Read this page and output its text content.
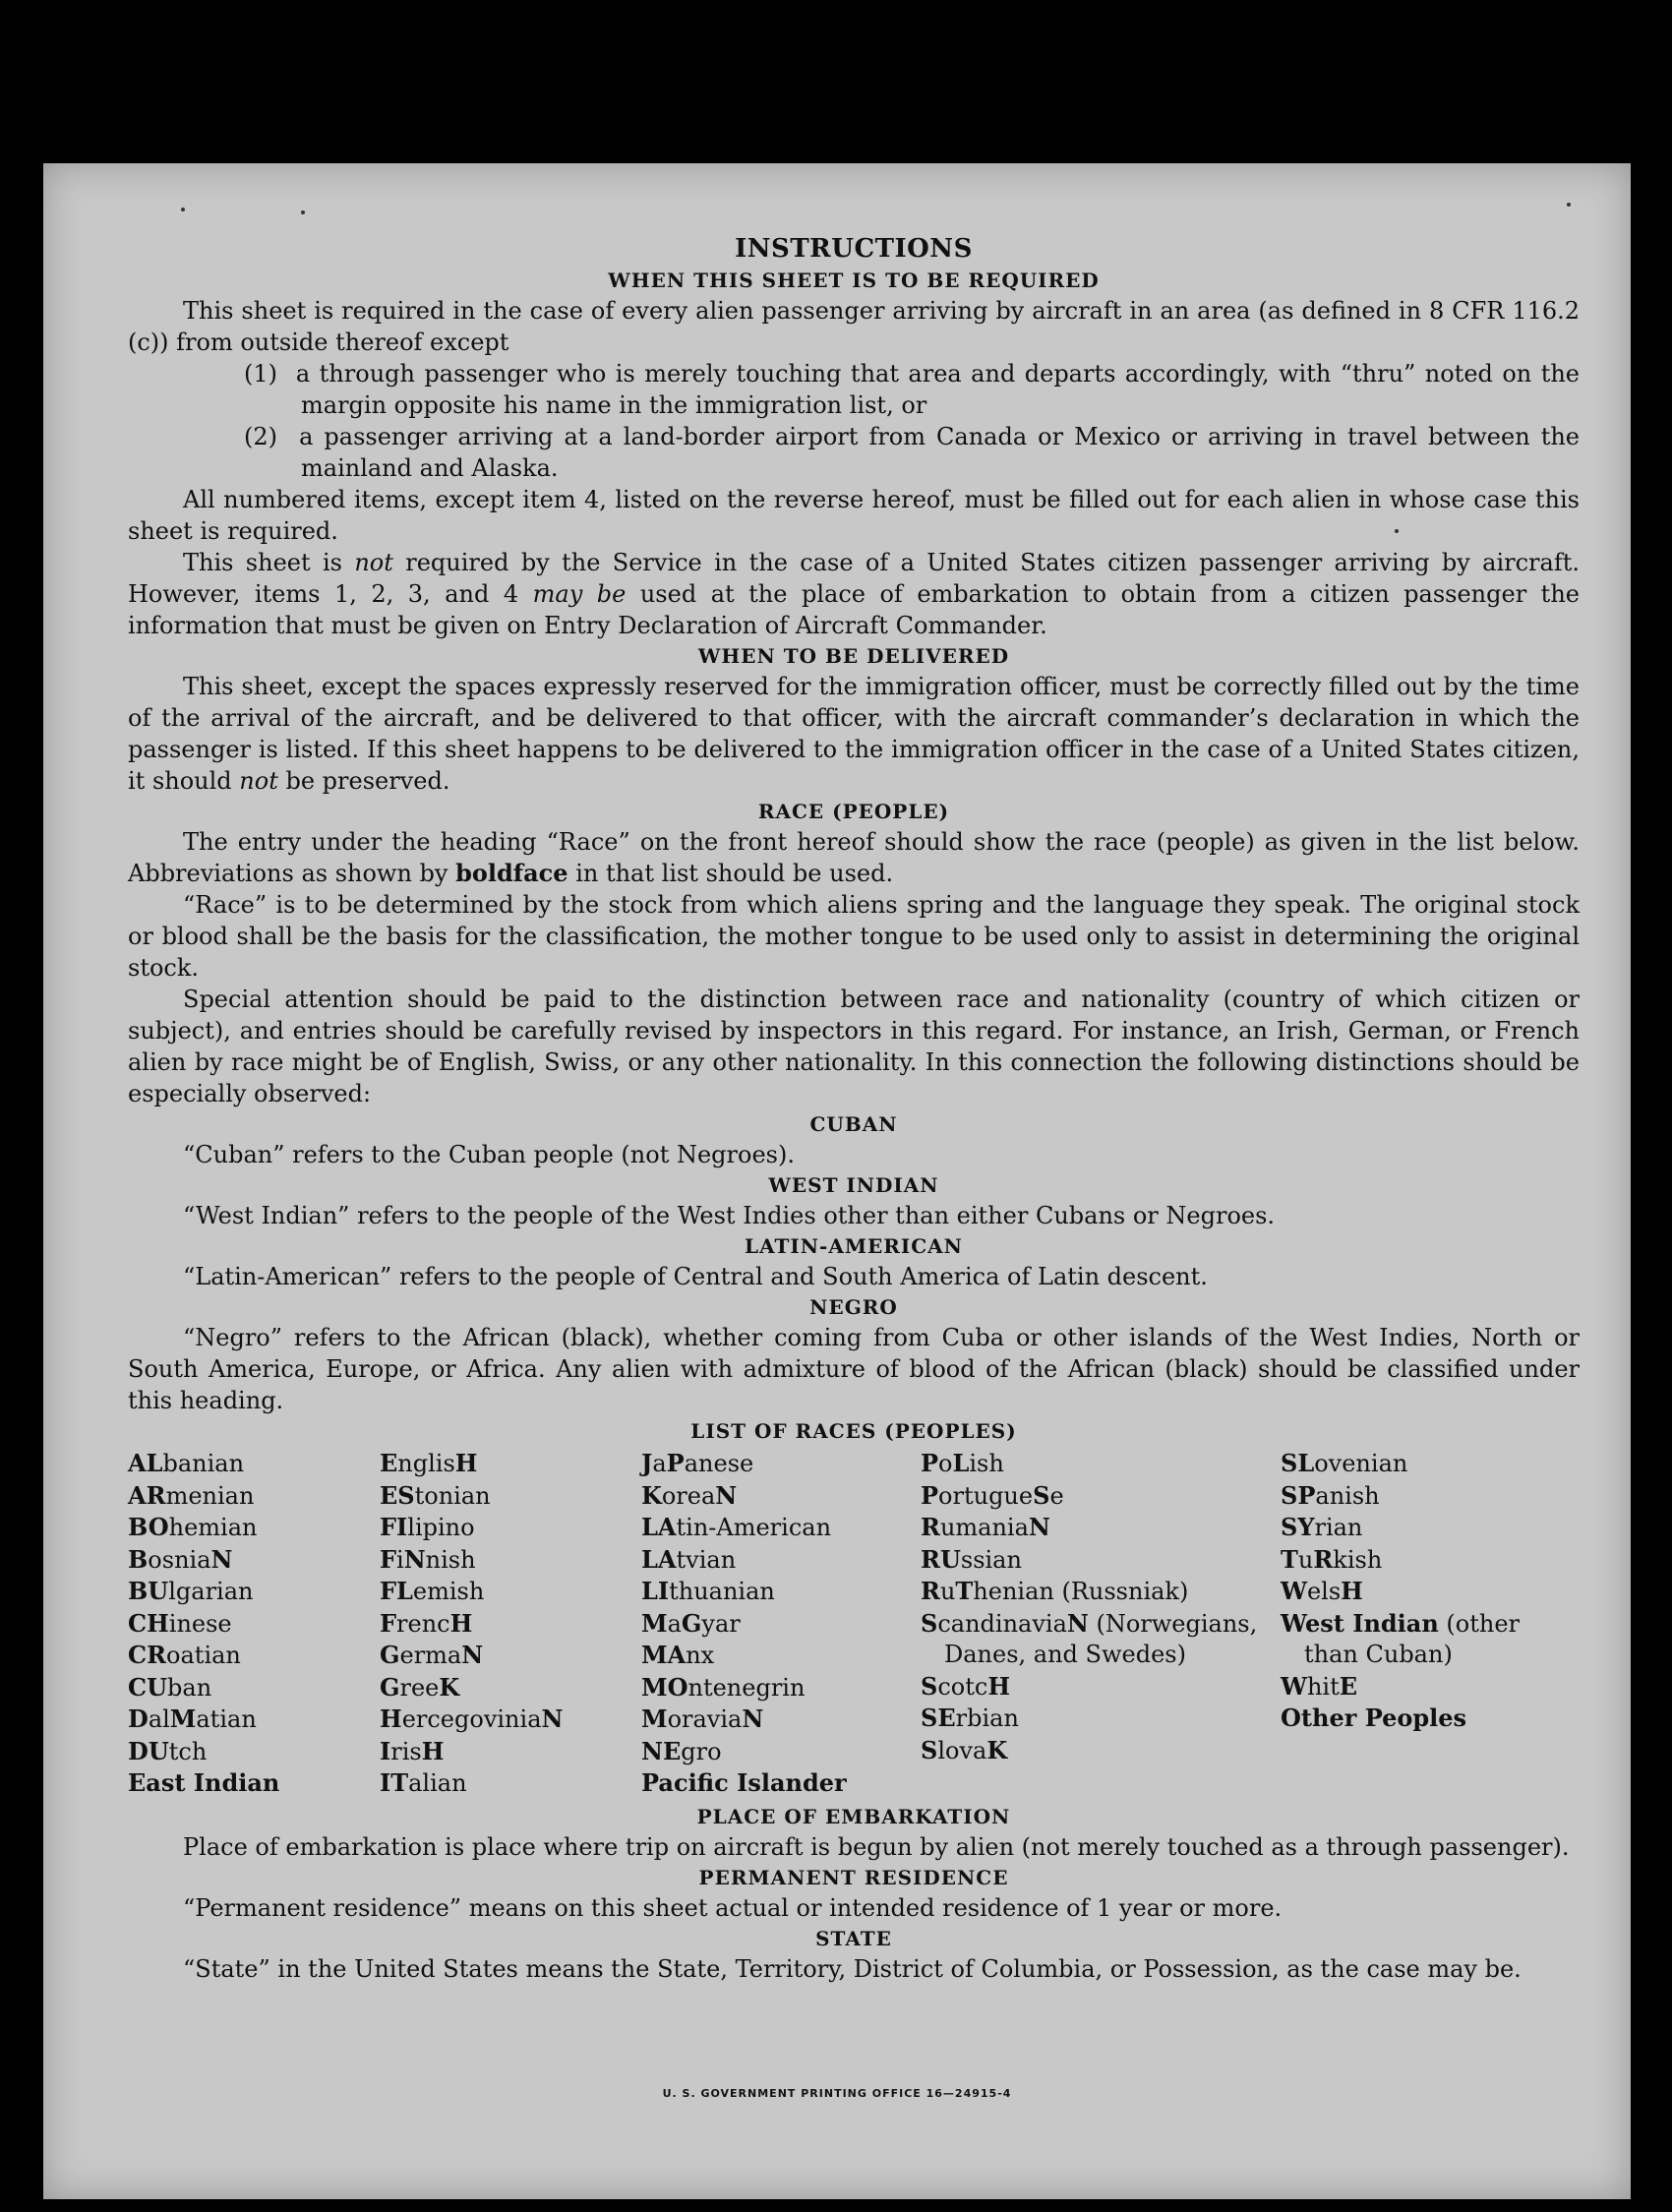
INSTRUCTIONS

WHEN THIS SHEET IS TO BE REQUIRED

This sheet is required in the case of every alien passenger arriving by aircraft in an area (as defined in 8 CFR 116.2 (c)) from outside thereof except

(1) a through passenger who is merely touching that area and departs accordingly, with “thru” noted on the margin opposite his name in the immigration list, or

(2) a passenger arriving at a land-border airport from Canada or Mexico or arriving in travel between the mainland and Alaska.

All numbered items, except item 4, listed on the reverse hereof, must be filled out for each alien in whose case this sheet is required.

This sheet is not required by the Service in the case of a United States citizen passenger arriving by aircraft. However, items 1, 2, 3, and 4 may be used at the place of embarkation to obtain from a citizen passenger the information that must be given on Entry Declaration of Aircraft Commander.

WHEN TO BE DELIVERED

This sheet, except the spaces expressly reserved for the immigration officer, must be correctly filled out by the time of the arrival of the aircraft, and be delivered to that officer, with the aircraft commander’s declaration in which the passenger is listed. If this sheet happens to be delivered to the immigration officer in the case of a United States citizen, it should not be preserved.

RACE (PEOPLE)

The entry under the heading “Race” on the front hereof should show the race (people) as given in the list below. Abbreviations as shown by boldface in that list should be used.

“Race” is to be determined by the stock from which aliens spring and the language they speak. The original stock or blood shall be the basis for the classification, the mother tongue to be used only to assist in determining the original stock.

Special attention should be paid to the distinction between race and nationality (country of which citizen or subject), and entries should be carefully revised by inspectors in this regard. For instance, an Irish, German, or French alien by race might be of English, Swiss, or any other nationality. In this connection the following distinctions should be especially observed:

CUBAN

“Cuban” refers to the Cuban people (not Negroes).

WEST INDIAN

“West Indian” refers to the people of the West Indies other than either Cubans or Negroes.

LATIN-AMERICAN

“Latin-American” refers to the people of Central and South America of Latin descent.

NEGRO

“Negro” refers to the African (black), whether coming from Cuba or other islands of the West Indies, North or South America, Europe, or Africa. Any alien with admixture of blood of the African (black) should be classified under this heading.

LIST OF RACES (PEOPLES)

ALbanian
ARmenian
BOhemian
BosniaN
BUlgarian
CHinese
CRoatian
CUban
DalMatian
DUtch
East Indian
EnglisH
EStonian
FIlipino
FiNnish
FLemish
FrencH
GermaN
GreeK
HercegoviniaN
IrisH
ITalian
JaPanese
KoreaN
LAtin-American
LAtvian
LIthuanian
MaGyar
MAnx
MOntenegrin
MoraviaN
NEgro
Pacific Islander
PoLish
PortugueSe
RumaniaN
RUssian
RuThenian (Russniak)
ScandinaviaN (Norwegians, Danes, and Swedes)
ScotcH
SErbian
SlovaK
SLovenian
SPanish
SYrian
TuRkish
WelsH
West Indian (other than Cuban)
WhitE
Other Peoples

PLACE OF EMBARKATION

Place of embarkation is place where trip on aircraft is begun by alien (not merely touched as a through passenger).

PERMANENT RESIDENCE

“Permanent residence” means on this sheet actual or intended residence of 1 year or more.

STATE

“State” in the United States means the State, Territory, District of Columbia, or Possession, as the case may be.

U. S. GOVERNMENT PRINTING OFFICE 16—24915-4
